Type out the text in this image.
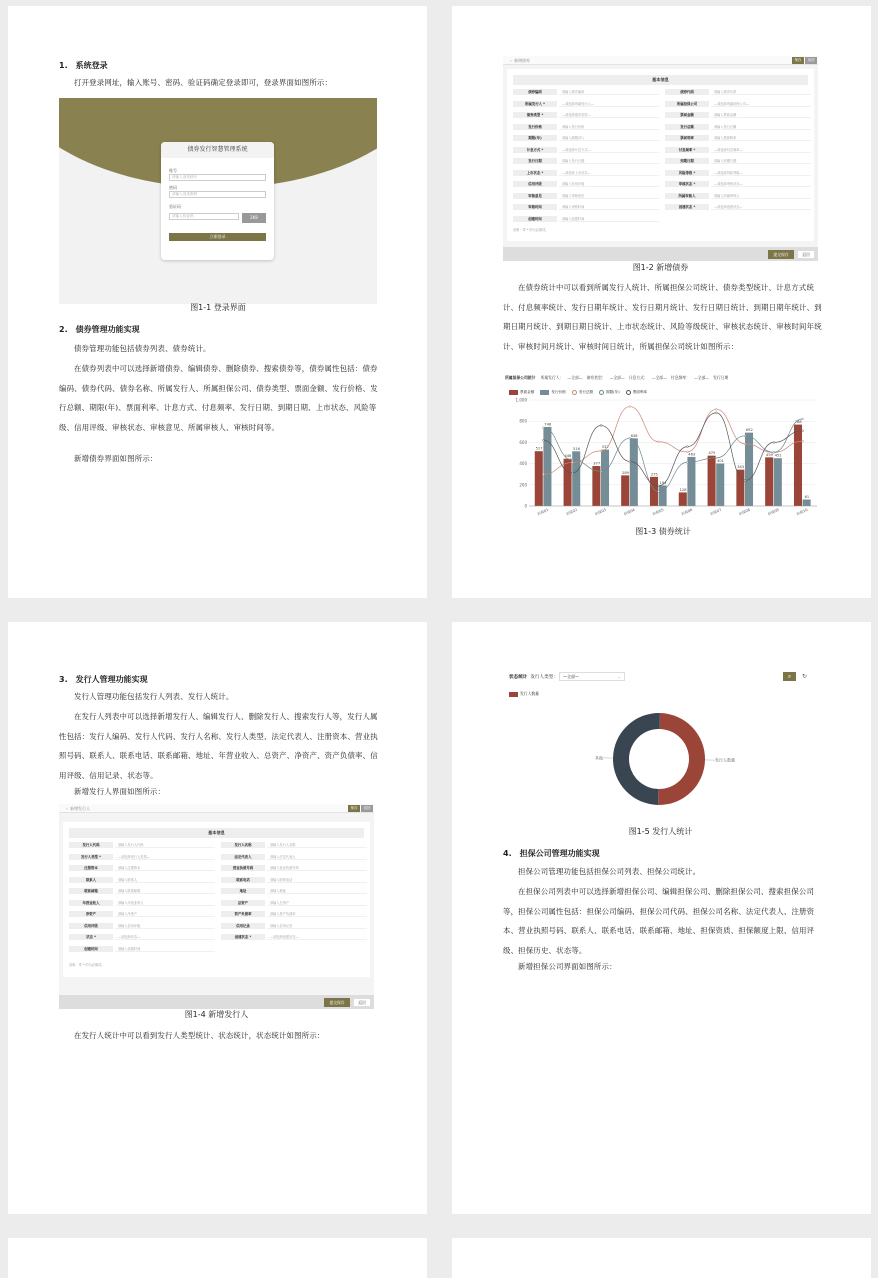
1.　系统登录
打开登录网址，输入账号、密码、验证码确定登录即可，登录界面如图所示：
债券发行智慧管理系统
账号
请输入登录账号
密码
请输入登录密码
验证码
请输入验证码	2K8
立即登录
图1-1 登录界面
2.　债券管理功能实现
债券管理功能包括债券列表、债券统计。
在债券列表中可以选择新增债券、编辑债券、删除债券、搜索债券等，债券属性包括：债券编码、债券代码、债券名称、所属发行人、所属担保公司、债券类型、票面金额、发行价格、发行总额、期限(年)、票面利率、计息方式、付息频率、发行日期、到期日期、上市状态、风险等级、信用评级、审核状态、审核意见、所属审核人、审核时间等。
新增债券界面如图所示：
‹  新增债券	保存	返回
基本信息
债券编码	请输入债券编码	债券代码	请输入债券代码
所属发行人 *	—请选择所属发行人—	所属担保公司	—请选择所属担保公司—
债券类型 *	—请选择债券类型—	票面金额	请输入票面金额
发行价格	请输入发行价格	发行总额	请输入发行总额
期限(年)	请输入期限(年)	票面利率	请输入票面利率
计息方式 *	—请选择计息方式—	付息频率 *	—请选择付息频率—
发行日期	请输入发行日期	到期日期	请输入到期日期
上市状态 *	—请选择上市状态—	风险等级 *	—请选择风险等级—
信用评级	请输入信用评级	审核状态 *	—请选择审核状态—
审核意见	请输入审核意见	所属审核人	请输入所属审核人
审核时间	请输入审核时间	创建状态 *	—请选择创建状态—
创建时间	请输入创建时间
说明：带 * 的为必填项。
提交保存	返回
图1-2 新增债券
在债券统计中可以看到所属发行人统计、所属担保公司统计、债券类型统计、计息方式统计、付息频率统计、发行日期年统计、发行日期月统计、发行日期日统计、到期日期年统计、到期日期月统计、到期日期日统计、上市状态统计、风险等级统计、审核状态统计、审核时间年统计、审核时间月统计、审核时间日统计，所属担保公司统计如图所示：
所属担保公司统计 所属发行人： —全部— 债券类型： —全部— 计息方式： —全部— 付息频率： —全部— 发行日期
票面金额	发行价格	发行总额	期限(年)	票面利率
0
200
400
600
800
1,000
担保01
517
746
担保02
446
516
担保03
377
532
担保04
289
638
担保05
275
194
担保06
128
463
担保07
475
401
担保08
343
692
担保09
459 451
担保10
768
61
图1-3 债券统计
3.　发行人管理功能实现
发行人管理功能包括发行人列表、发行人统计。
在发行人列表中可以选择新增发行人、编辑发行人、删除发行人、搜索发行人等，发行人属性包括：发行人编码、发行人代码、发行人名称、发行人类型、法定代表人、注册资本、营业执照号码、联系人、联系电话、联系邮箱、地址、年营业收入、总资产、净资产、资产负债率、信用评级、信用记录、状态等。
新增发行人界面如图所示：
‹  新增发行人	保存	返回
基本信息
发行人代码	请输入发行人代码	发行人名称	请输入发行人名称
发行人类型 *	—请选择发行人类型—	法定代表人	请输入法定代表人
注册资本	请输入注册资本	营业执照号码	请输入营业执照号码
联系人	请输入联系人	联系电话	请输入联系电话
联系邮箱	请输入联系邮箱	地址	请输入地址
年营业收入	请输入年营业收入	总资产	请输入总资产
净资产	请输入净资产	资产负债率	请输入资产负债率
信用评级	请输入信用评级	信用记录	请输入信用记录
状态 *	—请选择状态—	创建状态 *	—请选择创建状态—
创建时间	请输入创建时间
说明：带 * 的为必填项。
提交保存	返回
图1-4 新增发行人
在发行人统计中可以看到发行人类型统计、状态统计，状态统计如图所示：
状态统计 发行人类型：	—全部—	⌄	⌕	↻
发行人数量
发行人数量
其他
图1-5 发行人统计
4.　担保公司管理功能实现
担保公司管理功能包括担保公司列表、担保公司统计。
在担保公司列表中可以选择新增担保公司、编辑担保公司、删除担保公司、搜索担保公司等，担保公司属性包括：担保公司编码、担保公司代码、担保公司名称、法定代表人、注册资本、营业执照号码、联系人、联系电话、联系邮箱、地址、担保资质、担保额度上限、信用评级、担保历史、状态等。
新增担保公司界面如图所示：
